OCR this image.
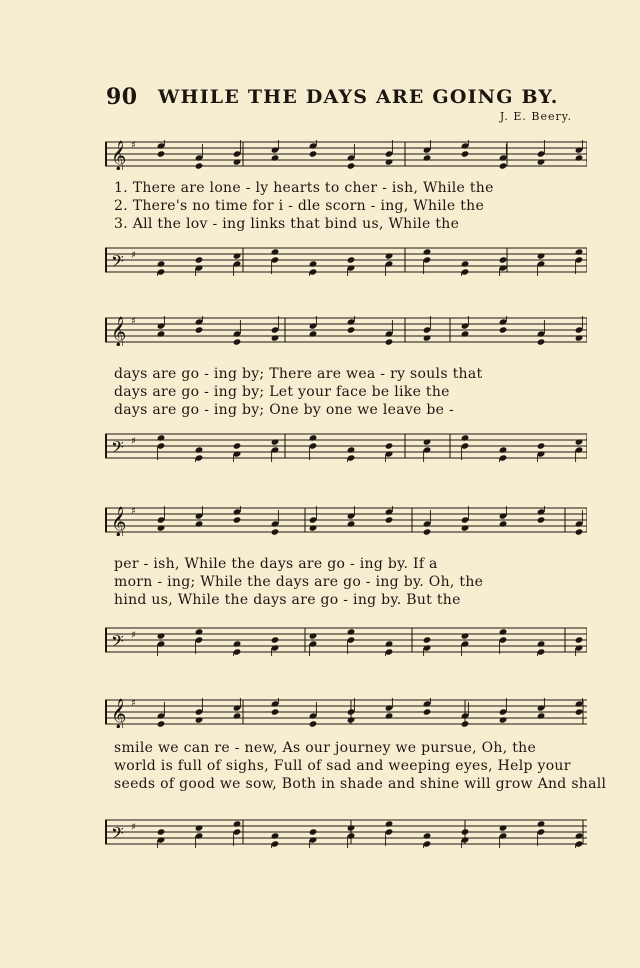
90 WHILE THE DAYS ARE GOING BY.
J. E. Beery.
𝄞 ♯
1. There are lone - ly hearts to cher - ish, While the
2. There's no time for i - dle scorn - ing, While the
3. All the lov - ing links that bind us, While the
𝄢 ♯
𝄞 ♯
days are go - ing by; There are wea - ry souls that
days are go - ing by; Let your face be like the
days are go - ing by; One by one we leave be -
𝄢 ♯
𝄞 ♯
per - ish, While the days are go - ing by. If a
morn - ing; While the days are go - ing by. Oh, the
hind us, While the days are go - ing by. But the
𝄢 ♯
𝄞 ♯
smile we can re - new, As our journey we pursue, Oh, the
world is full of sighs, Full of sad and weeping eyes, Help your
seeds of good we sow, Both in shade and shine will grow And shall
𝄢 ♯
